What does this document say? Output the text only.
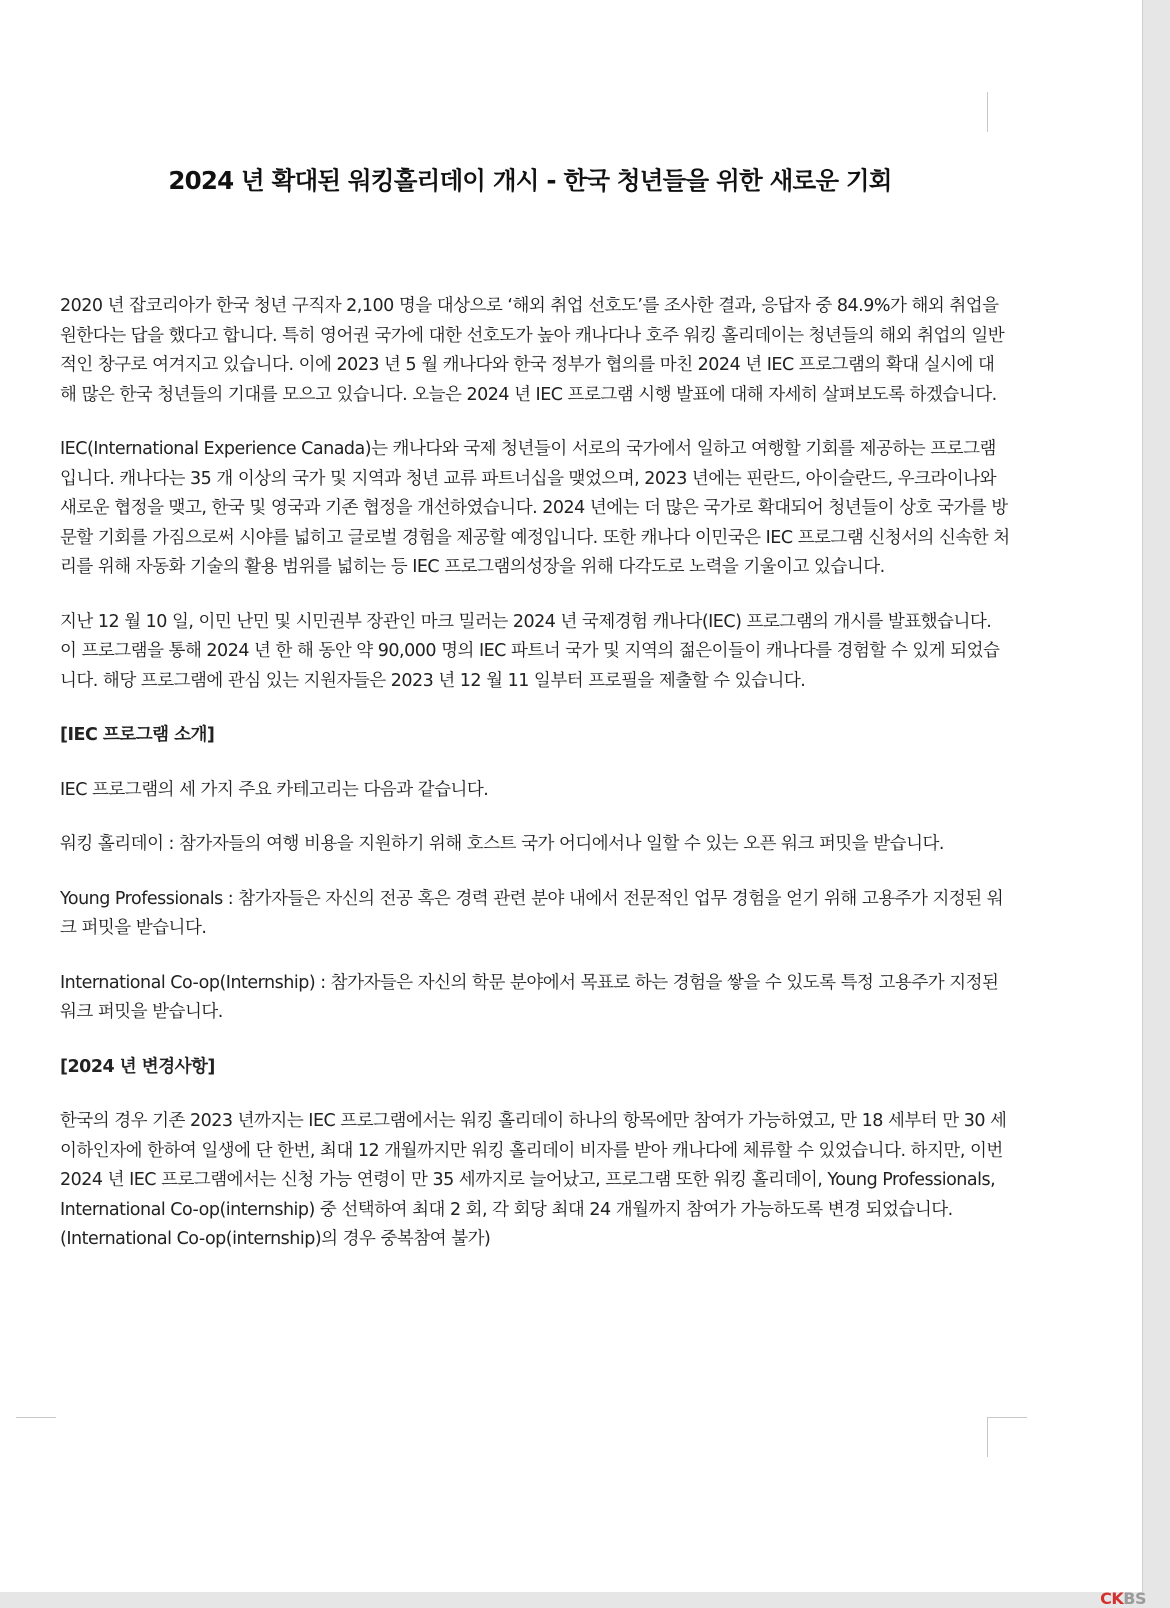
2024 년 확대된 워킹홀리데이 개시 - 한국 청년들을 위한 새로운 기회

2020 년 잡코리아가 한국 청년 구직자 2,100 명을 대상으로 ‘해외 취업 선호도’를 조사한 결과, 응답자 중 84.9%가 해외 취업을 원한다는 답을 했다고 합니다. 특히 영어권 국가에 대한 선호도가 높아 캐나다나 호주 워킹 홀리데이는 청년들의 해외 취업의 일반적인 창구로 여겨지고 있습니다. 이에 2023 년 5 월 캐나다와 한국 정부가 협의를 마친 2024 년 IEC 프로그램의 확대 실시에 대해 많은 한국 청년들의 기대를 모으고 있습니다. 오늘은 2024 년 IEC 프로그램 시행 발표에 대해 자세히 살펴보도록 하겠습니다.

IEC(International Experience Canada)는 캐나다와 국제 청년들이 서로의 국가에서 일하고 여행할 기회를 제공하는 프로그램입니다. 캐나다는 35 개 이상의 국가 및 지역과 청년 교류 파트너십을 맺었으며, 2023 년에는 핀란드, 아이슬란드, 우크라이나와 새로운 협정을 맺고, 한국 및 영국과 기존 협정을 개선하였습니다. 2024 년에는 더 많은 국가로 확대되어 청년들이 상호 국가를 방문할 기회를 가짐으로써 시야를 넓히고 글로벌 경험을 제공할 예정입니다. 또한 캐나다 이민국은 IEC 프로그램 신청서의 신속한 처리를 위해 자동화 기술의 활용 범위를 넓히는 등 IEC 프로그램의성장을 위해 다각도로 노력을 기울이고 있습니다.

지난 12 월 10 일, 이민 난민 및 시민권부 장관인 마크 밀러는 2024 년 국제경험 캐나다(IEC) 프로그램의 개시를 발표했습니다. 이 프로그램을 통해 2024 년 한 해 동안 약 90,000 명의 IEC 파트너 국가 및 지역의 젊은이들이 캐나다를 경험할 수 있게 되었습니다. 해당 프로그램에 관심 있는 지원자들은 2023 년 12 월 11 일부터 프로필을 제출할 수 있습니다.

[IEC 프로그램 소개]

IEC 프로그램의 세 가지 주요 카테고리는 다음과 같습니다.

워킹 홀리데이 : 참가자들의 여행 비용을 지원하기 위해 호스트 국가 어디에서나 일할 수 있는 오픈 워크 퍼밋을 받습니다.

Young Professionals : 참가자들은 자신의 전공 혹은 경력 관련 분야 내에서 전문적인 업무 경험을 얻기 위해 고용주가 지정된 워크 퍼밋을 받습니다.

International Co-op(Internship) : 참가자들은 자신의 학문 분야에서 목표로 하는 경험을 쌓을 수 있도록 특정 고용주가 지정된 워크 퍼밋을 받습니다.

[2024 년 변경사항]

한국의 경우 기존 2023 년까지는 IEC 프로그램에서는 워킹 홀리데이 하나의 항목에만 참여가 가능하였고, 만 18 세부터 만 30 세 이하인자에 한하여 일생에 단 한번, 최대 12 개월까지만 워킹 홀리데이 비자를 받아 캐나다에 체류할 수 있었습니다. 하지만, 이번 2024 년 IEC 프로그램에서는 신청 가능 연령이 만 35 세까지로 늘어났고, 프로그램 또한 워킹 홀리데이, Young Professionals, International Co-op(internship) 중 선택하여 최대 2 회, 각 회당 최대 24 개월까지 참여가 가능하도록 변경 되었습니다. (International Co-op(internship)의 경우 중복참여 불가)

CKBS
